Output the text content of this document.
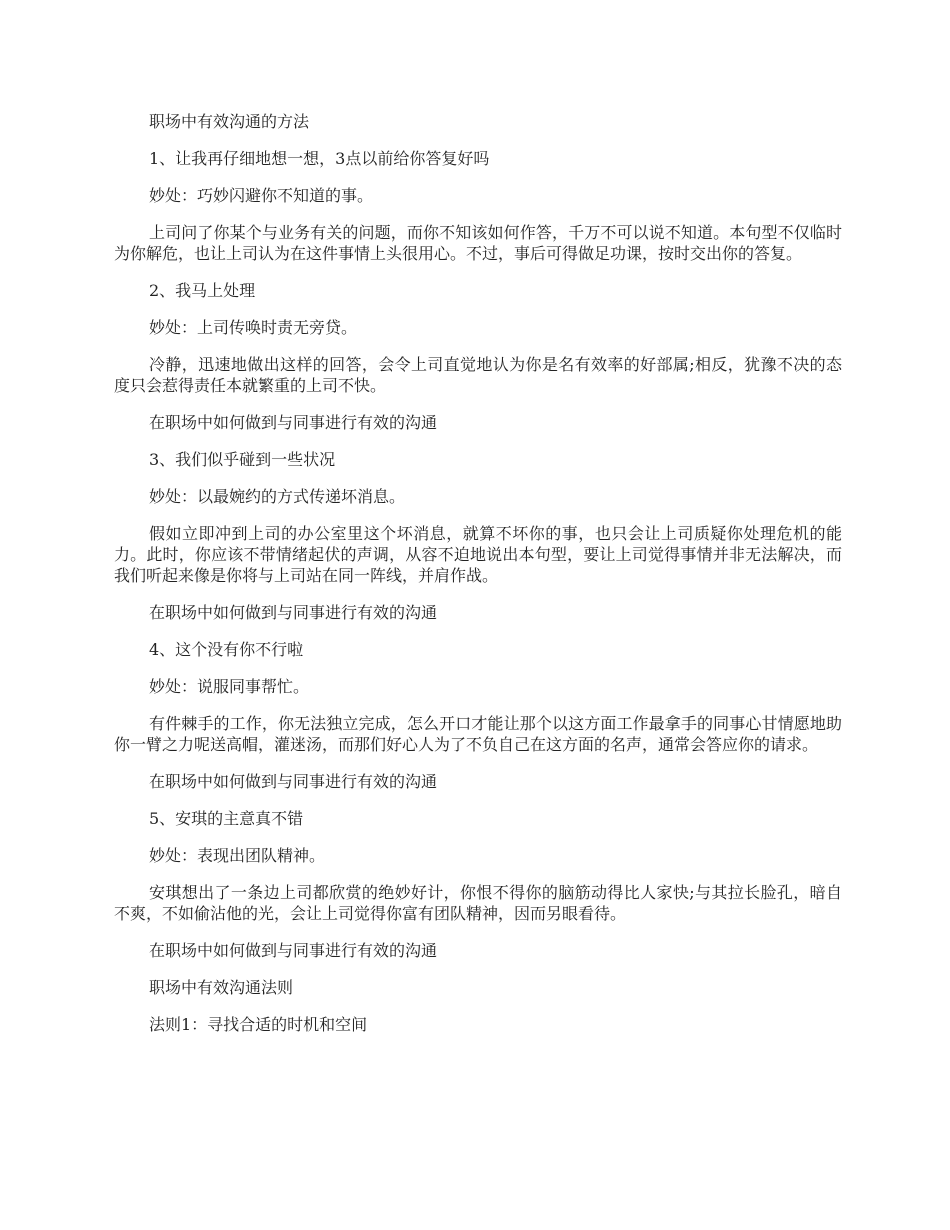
职场中有效沟通的方法

1、让我再仔细地想一想，3点以前给你答复好吗

妙处：巧妙闪避你不知道的事。

上司问了你某个与业务有关的问题，而你不知该如何作答，千万不可以说不知道。本句型不仅临时为你解危，也让上司认为在这件事情上头很用心。不过，事后可得做足功课，按时交出你的答复。

2、我马上处理

妙处：上司传唤时责无旁贷。

冷静，迅速地做出这样的回答，会令上司直觉地认为你是名有效率的好部属;相反，犹豫不决的态度只会惹得责任本就繁重的上司不快。

在职场中如何做到与同事进行有效的沟通

3、我们似乎碰到一些状况

妙处：以最婉约的方式传递坏消息。

假如立即冲到上司的办公室里这个坏消息，就算不坏你的事，也只会让上司质疑你处理危机的能力。此时，你应该不带情绪起伏的声调，从容不迫地说出本句型，要让上司觉得事情并非无法解决，而我们听起来像是你将与上司站在同一阵线，并肩作战。

在职场中如何做到与同事进行有效的沟通

4、这个没有你不行啦

妙处：说服同事帮忙。

有件棘手的工作，你无法独立完成，怎么开口才能让那个以这方面工作最拿手的同事心甘情愿地助你一臂之力呢送高帽，灌迷汤，而那们好心人为了不负自己在这方面的名声，通常会答应你的请求。

在职场中如何做到与同事进行有效的沟通

5、安琪的主意真不错

妙处：表现出团队精神。

安琪想出了一条边上司都欣赏的绝妙好计，你恨不得你的脑筋动得比人家快;与其拉长脸孔，暗自不爽，不如偷沾他的光，会让上司觉得你富有团队精神，因而另眼看待。

在职场中如何做到与同事进行有效的沟通

职场中有效沟通法则

法则1：寻找合适的时机和空间
